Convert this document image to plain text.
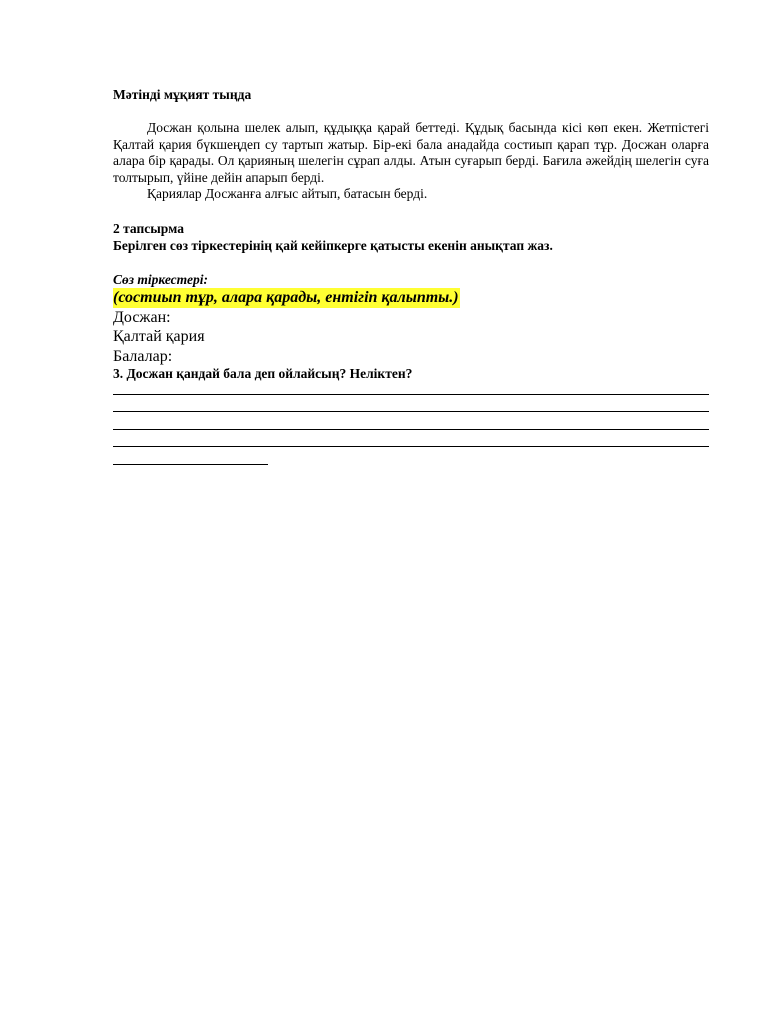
Мәтінді мұқият тыңда

Досжан қолына шелек алып, құдыққа қарай беттеді. Құдық басында кісі көп екен. Жетпістегі Қалтай қария бүкшеңдеп су тартып жатыр. Бір-екі бала анадайда состиып қарап тұр. Досжан оларға алара бір қарады. Ол қарияның шелегін сұрап алды. Атын суғарып берді. Бағила әжейдің шелегін суға толтырып, үйіне дейін апарып берді.

Қариялар Досжанға алғыс айтып, батасын берді.

2 тапсырма

Берілген сөз тіркестерінің қай кейіпкерге қатысты екенін анықтап жаз.

Сөз тіркестері:

(состиып тұр, алара қарады, ентігіп қалыпты.)

Досжан:

Қалтай қария

Балалар:

3. Досжан қандай бала деп ойлайсың? Неліктен?
